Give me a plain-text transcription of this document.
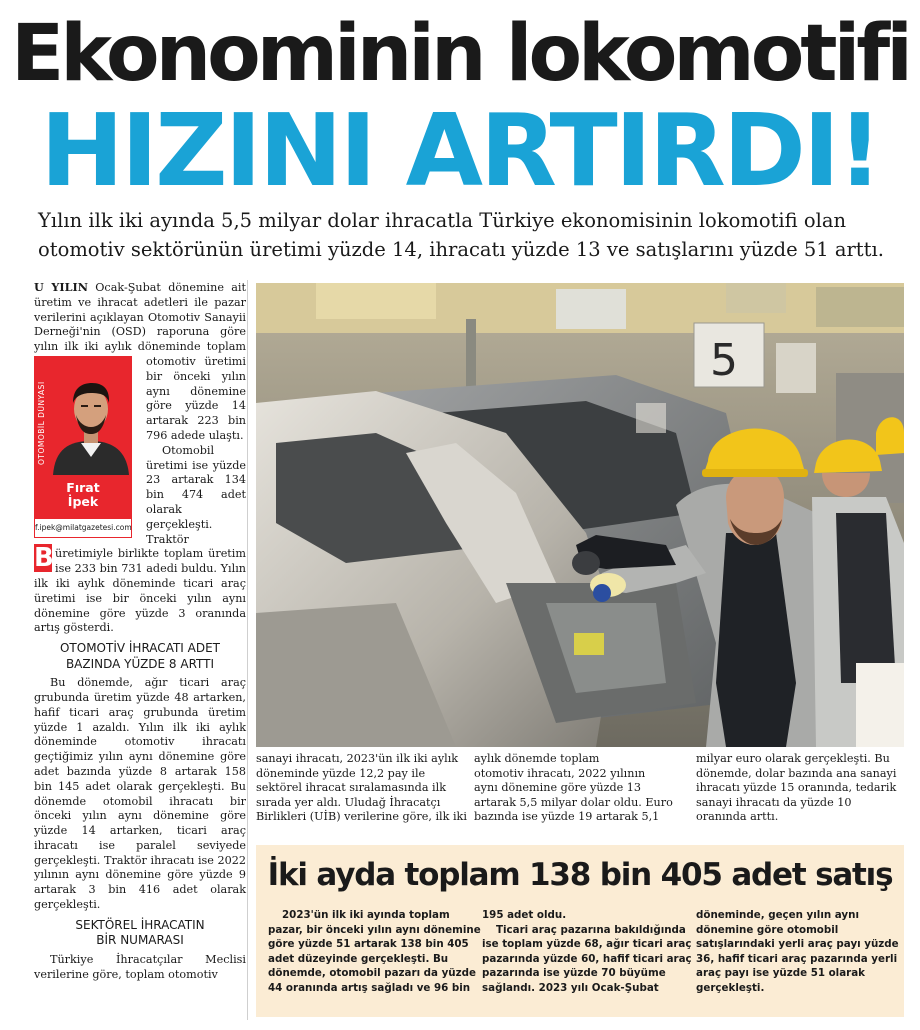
Ekonominin lokomotifi
HIZINI ARTIRDI!
Yılın ilk iki ayında 5,5 milyar dolar ihracatla Türkiye ekonomisinin lokomotifi olan
otomotiv sektörünün üretimi yüzde 14, ihracatı yüzde 13 ve satışlarını yüzde 51 arttı.
OTOMOBİL DÜNYASI
Fırat
İpek
f.ipek@milatgazetesi.com

B
U YILIN Ocak-Şubat dönemine ait üretim ve ihracat adetleri ile pazar verilerini açıklayan Otomotiv Sanayii Derneği'nin (OSD) raporuna göre yılın ilk iki aylık döneminde toplam otomotiv üretimi bir önceki yılın aynı dönemine göre yüzde 14 artarak 223 bin 796 adede ulaştı.

Otomobil üretimi ise yüzde 23 artarak 134 bin 474 adet olarak gerçekleşti. Traktör üretimiyle birlikte toplam üretim ise 233 bin 731 adedi buldu. Yılın ilk iki aylık döneminde ticari araç üretimi ise bir önceki yılın aynı dönemine göre yüzde 3 oranında artış gösterdi.

OTOMOTİV İHRACATI ADET BAZINDA YÜZDE 8 ARTTI

Bu dönemde, ağır ticari araç grubunda üretim yüzde 48 artarken, hafif ticari araç grubunda üretim yüzde 1 azaldı. Yılın ilk iki aylık döneminde otomotiv ihracatı geçtiğimiz yılın aynı dönemine göre adet bazında yüzde 8 artarak 158 bin 145 adet olarak gerçekleşti. Bu dönemde otomobil ihracatı bir önceki yılın aynı dönemine göre yüzde 14 artarken, ticari araç ihracatı ise paralel seviyede gerçekleşti. Traktör ihracatı ise 2022 yılının aynı dönemine göre yüzde 9 artarak 3 bin 416 adet olarak gerçekleşti.

SEKTÖREL İHRACATIN BİR NUMARASI

Türkiye İhracatçılar Meclisi verilerine göre, toplam otomotiv

5
sanayi ihracatı, 2023'ün ilk iki aylık
döneminde yüzde 12,2 pay ile
sektörel ihracat sıralamasında ilk
sırada yer aldı. Uludağ İhracatçı
Birlikleri (UİB) verilerine göre, ilk iki
aylık dönemde toplam
otomotiv ihracatı, 2022 yılının
aynı dönemine göre yüzde 13
artarak 5,5 milyar dolar oldu. Euro
bazında ise yüzde 19 artarak 5,1
milyar euro olarak gerçekleşti. Bu
dönemde, dolar bazında ana sanayi
ihracatı yüzde 15 oranında, tedarik
sanayi ihracatı da yüzde 10
oranında arttı.
İki ayda toplam 138 bin 405 adet satış
2023'ün ilk iki ayında toplam
pazar, bir önceki yılın aynı dönemine
göre yüzde 51 artarak 138 bin 405
adet düzeyinde gerçekleşti. Bu
dönemde, otomobil pazarı da yüzde
44 oranında artış sağladı ve 96 bin
195 adet oldu.
Ticari araç pazarına bakıldığında
ise toplam yüzde 68, ağır ticari araç
pazarında yüzde 60, hafif ticari araç
pazarında ise yüzde 70 büyüme
sağlandı. 2023 yılı Ocak-Şubat
döneminde, geçen yılın aynı
dönemine göre otomobil
satışlarındaki yerli araç payı yüzde
36, hafif ticari araç pazarında yerli
araç payı ise yüzde 51 olarak
gerçekleşti.
